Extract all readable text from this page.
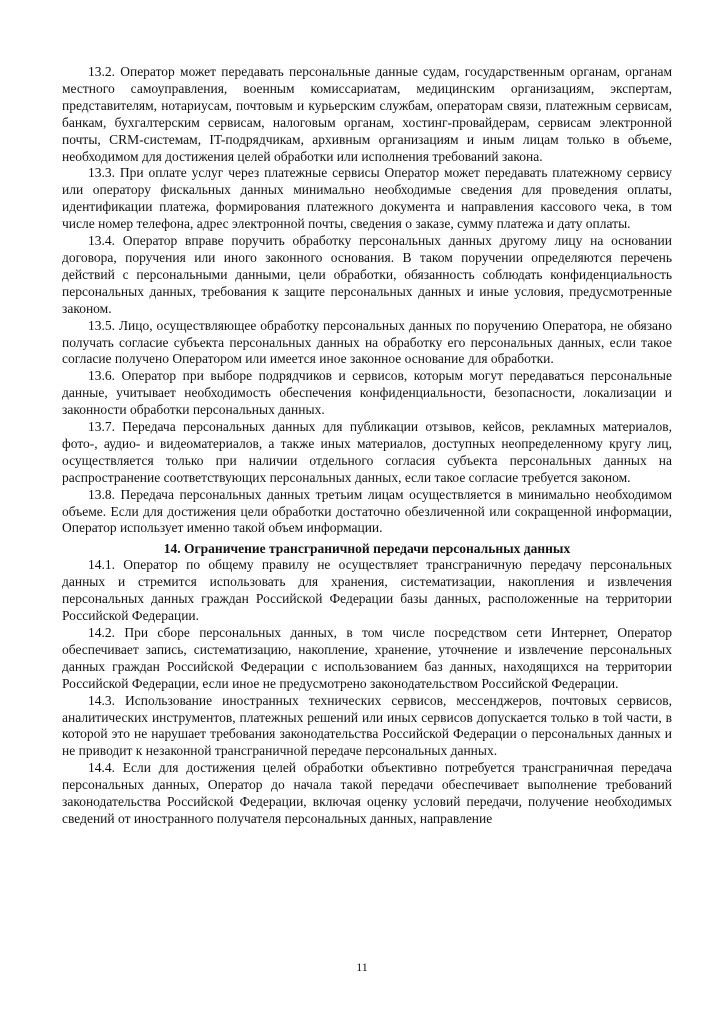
13.2. Оператор может передавать персональные данные судам, государственным органам, органам местного самоуправления, военным комиссариатам, медицинским организациям, экспертам, представителям, нотариусам, почтовым и курьерским службам, операторам связи, платежным сервисам, банкам, бухгалтерским сервисам, налоговым органам, хостинг-провайдерам, сервисам электронной почты, CRM-системам, IT-подрядчикам, архивным организациям и иным лицам только в объеме, необходимом для достижения целей обработки или исполнения требований закона.

13.3. При оплате услуг через платежные сервисы Оператор может передавать платежному сервису или оператору фискальных данных минимально необходимые сведения для проведения оплаты, идентификации платежа, формирования платежного документа и направления кассового чека, в том числе номер телефона, адрес электронной почты, сведения о заказе, сумму платежа и дату оплаты.

13.4. Оператор вправе поручить обработку персональных данных другому лицу на основании договора, поручения или иного законного основания. В таком поручении определяются перечень действий с персональными данными, цели обработки, обязанность соблюдать конфиденциальность персональных данных, требования к защите персональных данных и иные условия, предусмотренные законом.

13.5. Лицо, осуществляющее обработку персональных данных по поручению Оператора, не обязано получать согласие субъекта персональных данных на обработку его персональных данных, если такое согласие получено Оператором или имеется иное законное основание для обработки.

13.6. Оператор при выборе подрядчиков и сервисов, которым могут передаваться персональные данные, учитывает необходимость обеспечения конфиденциальности, безопасности, локализации и законности обработки персональных данных.

13.7. Передача персональных данных для публикации отзывов, кейсов, рекламных материалов, фото-, аудио- и видеоматериалов, а также иных материалов, доступных неопределенному кругу лиц, осуществляется только при наличии отдельного согласия субъекта персональных данных на распространение соответствующих персональных данных, если такое согласие требуется законом.

13.8. Передача персональных данных третьим лицам осуществляется в минимально необходимом объеме. Если для достижения цели обработки достаточно обезличенной или сокращенной информации, Оператор использует именно такой объем информации.

14. Ограничение трансграничной передачи персональных данных

14.1. Оператор по общему правилу не осуществляет трансграничную передачу персональных данных и стремится использовать для хранения, систематизации, накопления и извлечения персональных данных граждан Российской Федерации базы данных, расположенные на территории Российской Федерации.

14.2. При сборе персональных данных, в том числе посредством сети Интернет, Оператор обеспечивает запись, систематизацию, накопление, хранение, уточнение и извлечение персональных данных граждан Российской Федерации с использованием баз данных, находящихся на территории Российской Федерации, если иное не предусмотрено законодательством Российской Федерации.

14.3. Использование иностранных технических сервисов, мессенджеров, почтовых сервисов, аналитических инструментов, платежных решений или иных сервисов допускается только в той части, в которой это не нарушает требования законодательства Российской Федерации о персональных данных и не приводит к незаконной трансграничной передаче персональных данных.

14.4. Если для достижения целей обработки объективно потребуется трансграничная передача персональных данных, Оператор до начала такой передачи обеспечивает выполнение требований законодательства Российской Федерации, включая оценку условий передачи, получение необходимых сведений от иностранного получателя персональных данных, направление

11
